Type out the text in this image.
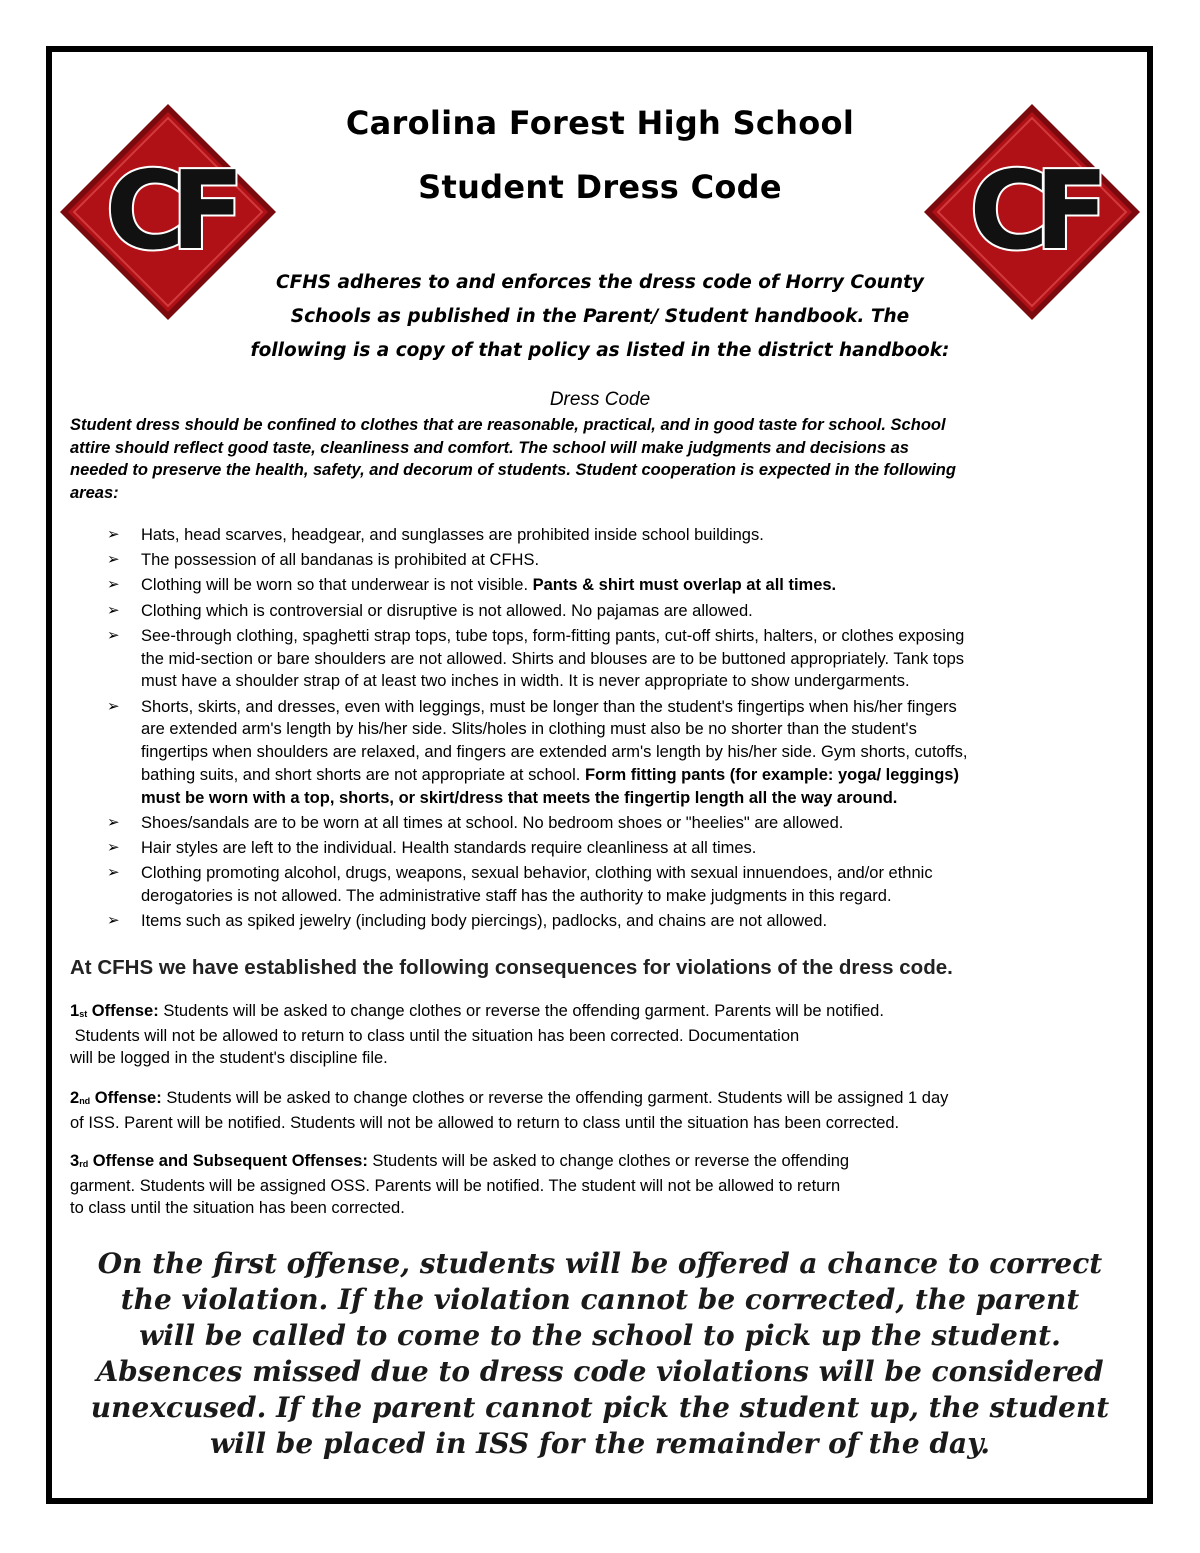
CF	CF
Carolina Forest High School
Student Dress Code
CFHS adheres to and enforces the dress code of Horry County
Schools as published in the Parent/ Student handbook. The
following is a copy of that policy as listed in the district handbook:
Dress Code
Student dress should be confined to clothes that are reasonable, practical, and in good taste for school. School
attire should reflect good taste, cleanliness and comfort. The school will make judgments and decisions as
needed to preserve the health, safety, and decorum of students. Student cooperation is expected in the following
areas:
➢ Hats, head scarves, headgear, and sunglasses are prohibited inside school buildings.
➢ The possession of all bandanas is prohibited at CFHS.
➢ Clothing will be worn so that underwear is not visible. Pants & shirt must overlap at all times.
➢ Clothing which is controversial or disruptive is not allowed. No pajamas are allowed.
➢ See-through clothing, spaghetti strap tops, tube tops, form-fitting pants, cut-off shirts, halters, or clothes exposing
the mid-section or bare shoulders are not allowed. Shirts and blouses are to be buttoned appropriately. Tank tops
must have a shoulder strap of at least two inches in width. It is never appropriate to show undergarments.
➢ Shorts, skirts, and dresses, even with leggings, must be longer than the student's fingertips when his/her fingers
are extended arm's length by his/her side. Slits/holes in clothing must also be no shorter than the student's
fingertips when shoulders are relaxed, and fingers are extended arm's length by his/her side. Gym shorts, cutoffs,
bathing suits, and short shorts are not appropriate at school. Form fitting pants (for example: yoga/ leggings)
must be worn with a top, shorts, or skirt/dress that meets the fingertip length all the way around.
➢ Shoes/sandals are to be worn at all times at school. No bedroom shoes or "heelies" are allowed.
➢ Hair styles are left to the individual. Health standards require cleanliness at all times.
➢ Clothing promoting alcohol, drugs, weapons, sexual behavior, clothing with sexual innuendoes, and/or ethnic
derogatories is not allowed. The administrative staff has the authority to make judgments in this regard.
➢ Items such as spiked jewelry (including body piercings), padlocks, and chains are not allowed.
At CFHS we have established the following consequences for violations of the dress code.
$1_{st}$ Offense: Students will be asked to change clothes or reverse the offending garment. Parents will be notified.
Students will not be allowed to return to class until the situation has been corrected. Documentation
will be logged in the student's discipline file.
$2_{nd}$ Offense: Students will be asked to change clothes or reverse the offending garment. Students will be assigned 1 day
of ISS. Parent will be notified. Students will not be allowed to return to class until the situation has been corrected.
$3_{rd}$ Offense and Subsequent Offenses: Students will be asked to change clothes or reverse the offending
garment. Students will be assigned OSS. Parents will be notified. The student will not be allowed to return
to class until the situation has been corrected.
On the first offense, students will be offered a chance to correct
the violation. If the violation cannot be corrected, the parent
will be called to come to the school to pick up the student.
Absences missed due to dress code violations will be considered
unexcused. If the parent cannot pick the student up, the student
will be placed in ISS for the remainder of the day.
